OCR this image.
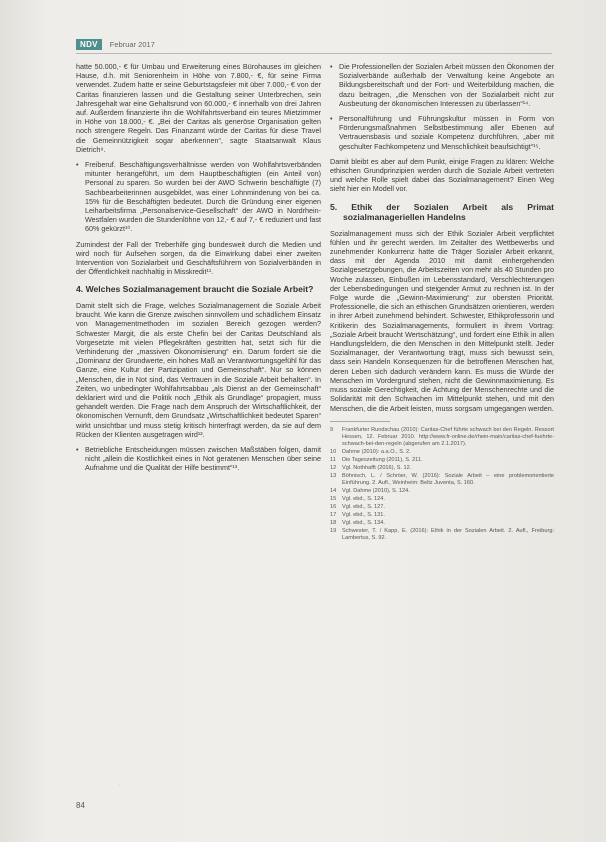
NDV	Februar 2017

hatte 50.000,- € für Umbau und Erweiterung eines Bürohauses im gleichen Hause, d.h. mit Seniorenheim in Höhe von 7.800,- €, für seine Firma verwendet. Zudem hatte er seine Geburtstagsfeier mit über 7.000,- € von der Caritas finanzieren lassen und die Gestaltung seiner Unterbrechen, sein Jahresgehalt war eine Gehaltsrund von 60.000,- € innerhalb von drei Jahren auf. Außerdem finanzierte ihn die Wohlfahrtsverband ein teures Mietzimmer in Höhe von 18.000,- €. „Bei der Caritas als generöse Organisation gelten noch strengere Regeln. Das Finanzamt würde der Caritas für diese Travel die Gemeinnützigkeit sogar aberkennen“, sagte Staatsanwalt Klaus Dietrich⁹.

• Freiberuf. Beschäftigungsverhältnisse werden von Wohlfahrtsverbänden mitunter herangeführt, um dem Hauptbeschäftigten (ein Anteil von) Personal zu sparen. So wurden bei der AWO Schwerin beschäftigte (7) Sachbearbeiterinnen ausgebildet, was einer Lohnminderung von bei ca. 15% für die Beschäftigten bedeutet. Durch die Gründung einer eigenen Leiharbeitsfirma „Personalservice-Gesellschaft“ der AWO in Nordrhein-Westfalen wurden die Stundenlöhne von 12,- € auf 7,- € reduziert und fast 60% gekürzt¹⁰.

Zumindest der Fall der Treberhilfe ging bundesweit durch die Medien und wird noch für Aufsehen sorgen, da die Einwirkung dabei einer zweiten Intervention von Sozialarbeit und Geschäftsführern von Sozialverbänden in der Öffentlichkeit nachhaltig in Misskredit¹¹.

4. Welches Sozialmanagement braucht die Soziale Arbeit?

Damit stellt sich die Frage, welches Sozialmanagement die Soziale Arbeit braucht. Wie kann die Grenze zwischen sinnvollem und schädlichem Einsatz von Managementmethoden im sozialen Bereich gezogen werden? Schwester Margit, die als erste Chefin bei der Caritas Deutschland als Vorgesetzte mit vielen Pflegekräften gestritten hat, setzt sich für die Verhinderung der „massiven Ökonomisierung“ ein. Darum fordert sie die „Dominanz der Grundwerte, ein hohes Maß an Verantwortungsgefühl für das Ganze, eine Kultur der Partizipation und Gemeinschaft“. Nur so können „Menschen, die in Not sind, das Vertrauen in die Soziale Arbeit behalten“. In Zeiten, wo unbedingter Wohlfahrtsabbau „als Dienst an der Gemeinschaft“ deklariert wird und die Politik noch „Ethik als Grundlage“ propagiert, muss gehandelt werden. Die Frage nach dem Anspruch der Wirtschaftlichkeit, der ökonomischen Vernunft, dem Grundsatz „Wirtschaftlichkeit bedeutet Sparen“ wirkt unsichtbar und muss stetig kritisch hinterfragt werden, da sie auf dem Rücken der Klienten ausgetragen wird¹².

• Betriebliche Entscheidungen müssen zwischen Maßstäben folgen, damit nicht „allein die Kostlichkeit eines in Not geratenen Menschen über seine Aufnahme und die Qualität der Hilfe bestimmt“¹³.
• Die Professionellen der Sozialen Arbeit müssen den Ökonomen der Sozialverbände außerhalb der Verwaltung keine Angebote an Bildungsbereitschaft und der Fort- und Weiterbildung machen, die dazu beitragen, „die Menschen von der Sozialarbeit nicht zur Ausbeutung der ökonomischen Interessen zu überlassen“¹⁴.
• Personalführung und Führungskultur müssen in Form von Förderungsmaßnahmen Selbstbestimmung aller Ebenen auf Vertrauensbasis und soziale Kompetenz durchführen, „aber mit geschulter Fachkompetenz und Menschlichkeit beaufsichtigt“¹⁵.

Damit bleibt es aber auf dem Punkt, einige Fragen zu klären: Welche ethischen Grundprinzipien werden durch die Soziale Arbeit vertreten und welche Rolle spielt dabei das Sozialmanagement? Einen Weg sieht hier ein Modell vor.

5. Ethik der Sozialen Arbeit als Primat sozialmanageriellen Handelns

Sozialmanagement muss sich der Ethik Sozialer Arbeit verpflichtet fühlen und ihr gerecht werden. Im Zeitalter des Wettbewerbs und zunehmender Konkurrenz hatte die Träger Sozialer Arbeit erkannt, dass mit der Agenda 2010 mit damit einhergehenden Sozialgesetzgebungen, die Arbeitszeiten von mehr als 40 Stunden pro Woche zulassen, Einbußen im Lebensstandard, Verschlechterungen der Lebensbedingungen und steigender Armut zu rechnen ist. In der Folge wurde die „Gewinn-Maximierung“ zur obersten Priorität. Professionelle, die sich an ethischen Grundsätzen orientieren, werden in ihrer Arbeit zunehmend behindert. Schwester, Ethikprofessorin und Kritikerin des Sozialmanagements, formuliert in ihrem Vortrag: „Soziale Arbeit braucht Wertschätzung“, und fordert eine Ethik in allen Handlungsfeldern, die den Menschen in den Mittelpunkt stellt. Jeder Sozialmanager, der Verantwortung trägt, muss sich bewusst sein, dass sein Handeln Konsequenzen für die betroffenen Menschen hat, deren Leben sich dadurch verändern kann. Es muss die Würde der Menschen im Vordergrund stehen, nicht die Gewinnmaximierung. Es muss soziale Gerechtigkeit, die Achtung der Menschenrechte und die Solidarität mit den Schwachen im Mittelpunkt stehen, und mit den Menschen, die die Arbeit leisten, muss sorgsam umgegangen werden.

9 Frankfurter Rundschau (2010): Caritas-Chef führte schwach bei den Regeln. Ressort Hessen, 12. Februar 2010. http://www.fr-online.de/rhein-main/caritas-chef-fuehrte-schwach-bei-den-regeln (abgerufen am 2.1.2017).
10 Dahme (2010): a.a.O., S. 2.
11 Die Tageszeitung (2011), S. 211.
12 Vgl. Nothhafft (2016), S. 12.
13 Böhnisch, L. / Schröer, W. (2016): Soziale Arbeit – eine problemorientierte Einführung. 2. Aufl., Weinheim: Beltz Juventa, S. 160.
14 Vgl. Dahme (2010), S. 124.
15 Vgl. ebd., S. 124.
16 Vgl. ebd., S. 127.
17 Vgl. ebd., S. 131.
18 Vgl. ebd., S. 134.
19 Schwester, T. / Kapp, E. (2016): Ethik in der Sozialen Arbeit. 2. Aufl., Freiburg: Lambertus, S. 92.
·
84
